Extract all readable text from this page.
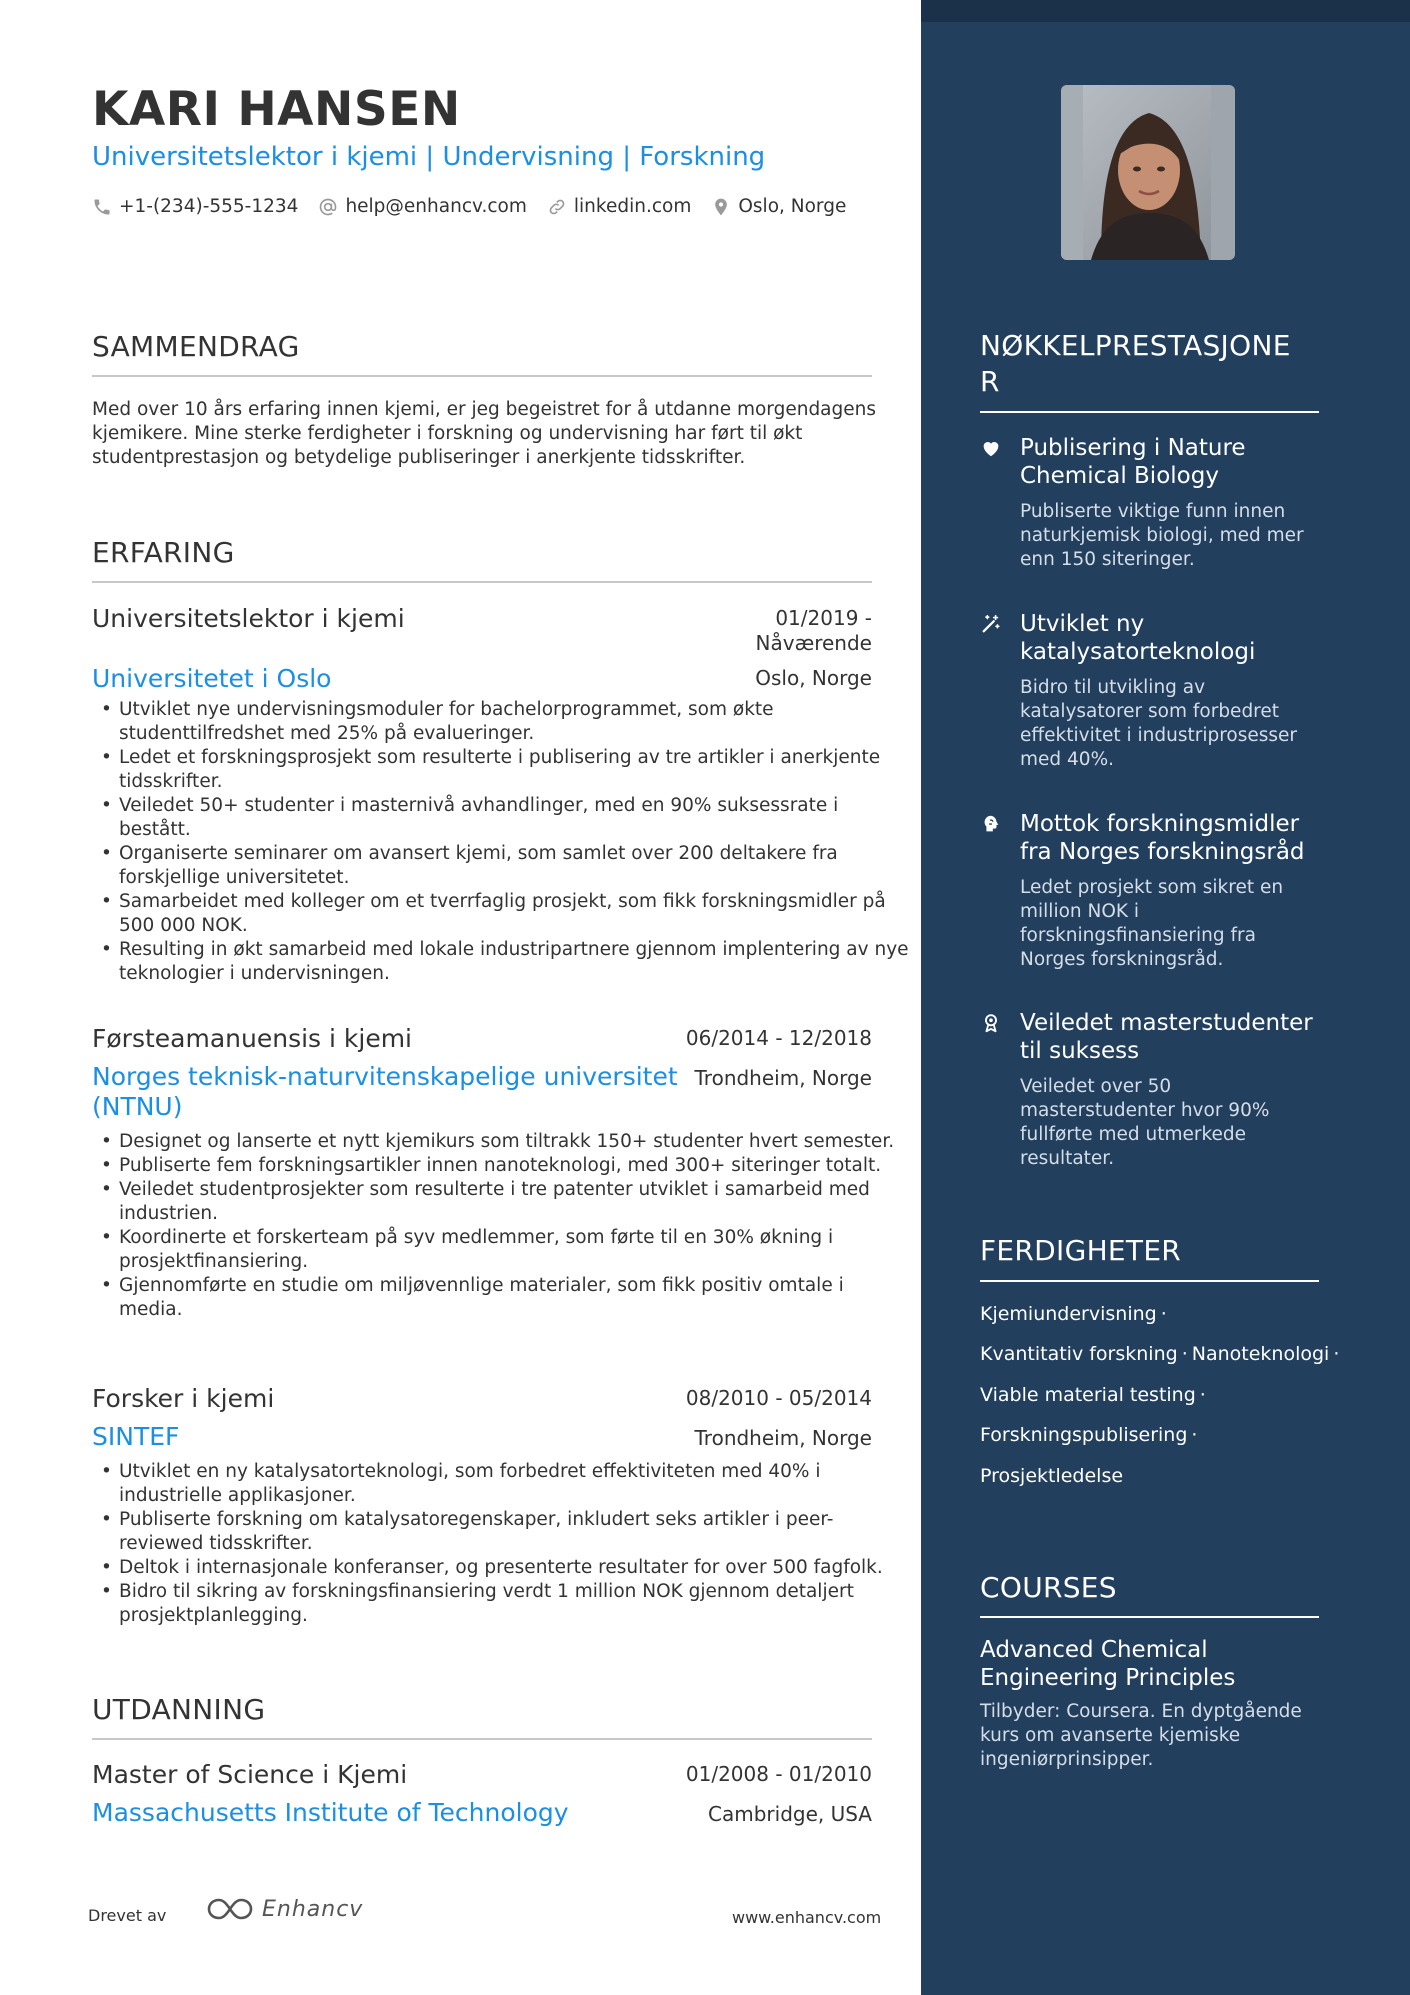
KARI HANSEN
Universitetslektor i kjemi | Undervisning | Forskning
+1-(234)-555-1234	help@enhancv.com	linkedin.com	Oslo, Norge
SAMMENDRAG
Med over 10 års erfaring innen kjemi, er jeg begeistret for å utdanne morgendagens kjemikere. Mine sterke ferdigheter i forskning og undervisning har ført til økt studentprestasjon og betydelige publiseringer i anerkjente tidsskrifter.
ERFARING
Universitetslektor i kjemi	01/2019 -
Nåværende
Universitetet i Oslo	Oslo, Norge
• Utviklet nye undervisningsmoduler for bachelorprogrammet, som økte studenttilfredshet med 25% på evalueringer.
• Ledet et forskningsprosjekt som resulterte i publisering av tre artikler i anerkjente tidsskrifter.
• Veiledet 50+ studenter i masternivå avhandlinger, med en 90% suksessrate i bestått.
• Organiserte seminarer om avansert kjemi, som samlet over 200 deltakere fra forskjellige universitetet.
• Samarbeidet med kolleger om et tverrfaglig prosjekt, som fikk forskningsmidler på 500 000 NOK.
• Resulting in økt samarbeid med lokale industripartnere gjennom implentering av nye teknologier i undervisningen.
Førsteamanuensis i kjemi	06/2014 - 12/2018
Norges teknisk-naturvitenskapelige universitet (NTNU)
Trondheim, Norge
• Designet og lanserte et nytt kjemikurs som tiltrakk 150+ studenter hvert semester.
• Publiserte fem forskningsartikler innen nanoteknologi, med 300+ siteringer totalt.
• Veiledet studentprosjekter som resulterte i tre patenter utviklet i samarbeid med industrien.
• Koordinerte et forskerteam på syv medlemmer, som førte til en 30% økning i prosjektfinansiering.
• Gjennomførte en studie om miljøvennlige materialer, som fikk positiv omtale i media.
Forsker i kjemi	08/2010 - 05/2014
SINTEF	Trondheim, Norge
• Utviklet en ny katalysatorteknologi, som forbedret effektiviteten med 40% i industrielle applikasjoner.
• Publiserte forskning om katalysatoregenskaper, inkludert seks artikler i peer-reviewed tidsskrifter.
• Deltok i internasjonale konferanser, og presenterte resultater for over 500 fagfolk.
• Bidro til sikring av forskningsfinansiering verdt 1 million NOK gjennom detaljert prosjektplanlegging.
UTDANNING
Master of Science i Kjemi	01/2008 - 01/2010
Massachusetts Institute of Technology	Cambridge, USA
Drevet av	Enhancv	www.enhancv.com
NØKKELPRESTASJONE
R
Publisering i Nature Chemical Biology
Publiserte viktige funn innen naturkjemisk biologi, med mer enn 150 siteringer.
Utviklet ny katalysatorteknologi
Bidro til utvikling av katalysatorer som forbedret effektivitet i industriprosesser med 40%.
Mottok forskningsmidler fra Norges forskningsråd
Ledet prosjekt som sikret en million NOK i forskningsfinansiering fra Norges forskningsråd.
Veiledet masterstudenter til suksess
Veiledet over 50 masterstudenter hvor 90% fullførte med utmerkede resultater.
FERDIGHETER
Kjemiundervisning ·
Kvantitativ forskning · Nanoteknologi ·
Viable material testing ·
Forskningspublisering ·
Prosjektledelse
COURSES
Advanced Chemical Engineering Principles
Tilbyder: Coursera. En dyptgående kurs om avanserte kjemiske ingeniørprinsipper.
